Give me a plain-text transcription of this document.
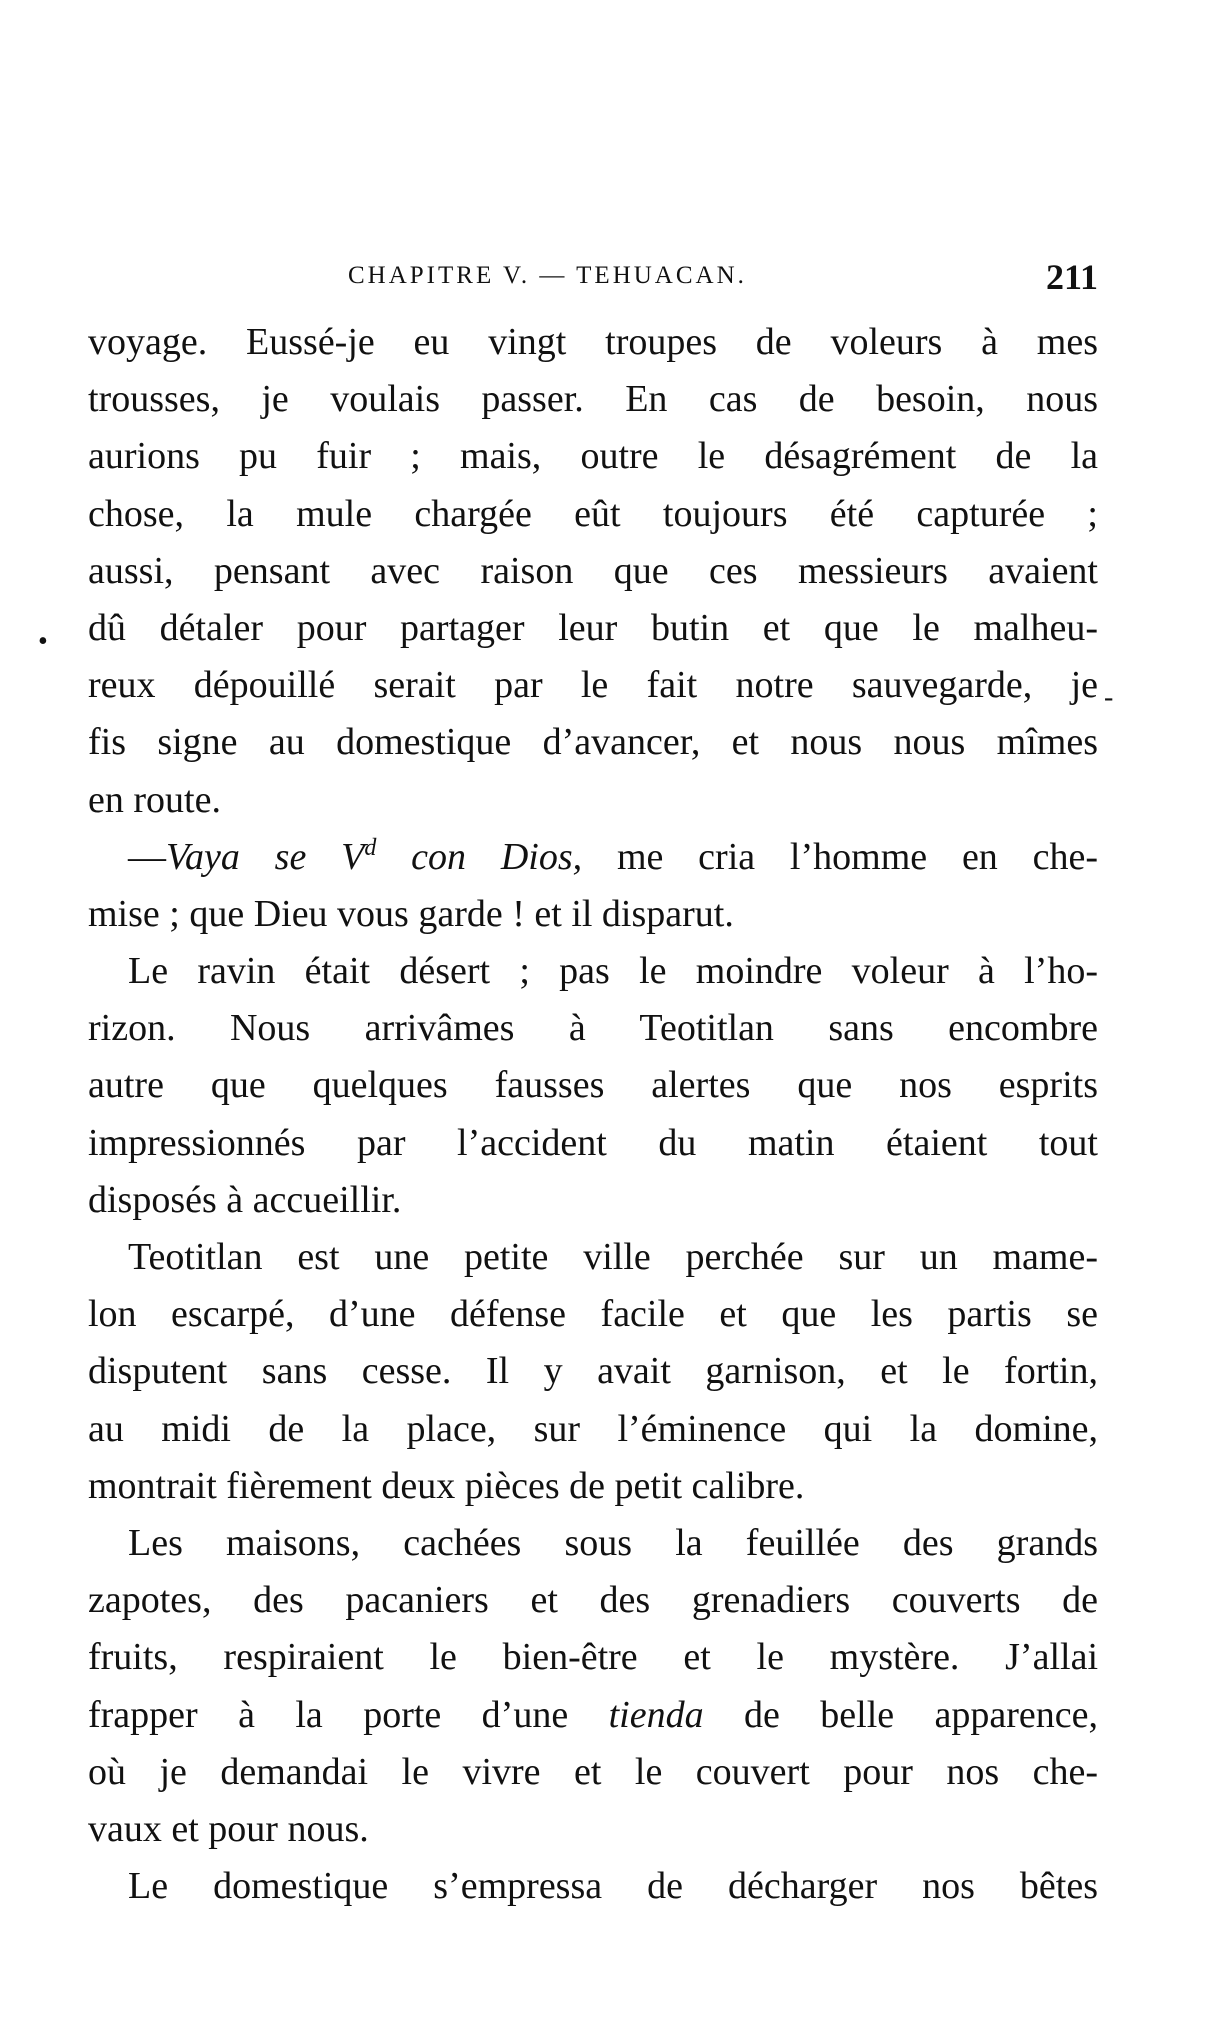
CHAPITRE V. — TEHUACAN.	211
•
-
voyage. Eussé-je eu vingt troupes de voleurs à mes
trousses, je voulais passer. En cas de besoin, nous
aurions pu fuir ; mais, outre le désagrément de la
chose, la mule chargée eût toujours été capturée ;
aussi, pensant avec raison que ces messieurs avaient
dû détaler pour partager leur butin et que le malheu-
reux dépouillé serait par le fait notre sauvegarde, je
fis signe au domestique d’avancer, et nous nous mîmes
en route.
—Vaya se $V^d$ con Dios, me cria l’homme en che-
mise ; que Dieu vous garde ! et il disparut.
Le ravin était désert ; pas le moindre voleur à l’ho-
rizon. Nous arrivâmes à Teotitlan sans encombre
autre que quelques fausses alertes que nos esprits
impressionnés par l’accident du matin étaient tout
disposés à accueillir.
Teotitlan est une petite ville perchée sur un mame-
lon escarpé, d’une défense facile et que les partis se
disputent sans cesse. Il y avait garnison, et le fortin,
au midi de la place, sur l’éminence qui la domine,
montrait fièrement deux pièces de petit calibre.
Les maisons, cachées sous la feuillée des grands
zapotes, des pacaniers et des grenadiers couverts de
fruits, respiraient le bien-être et le mystère. J’allai
frapper à la porte d’une tienda de belle apparence,
où je demandai le vivre et le couvert pour nos che-
vaux et pour nous.
Le domestique s’empressa de décharger nos bêtes
